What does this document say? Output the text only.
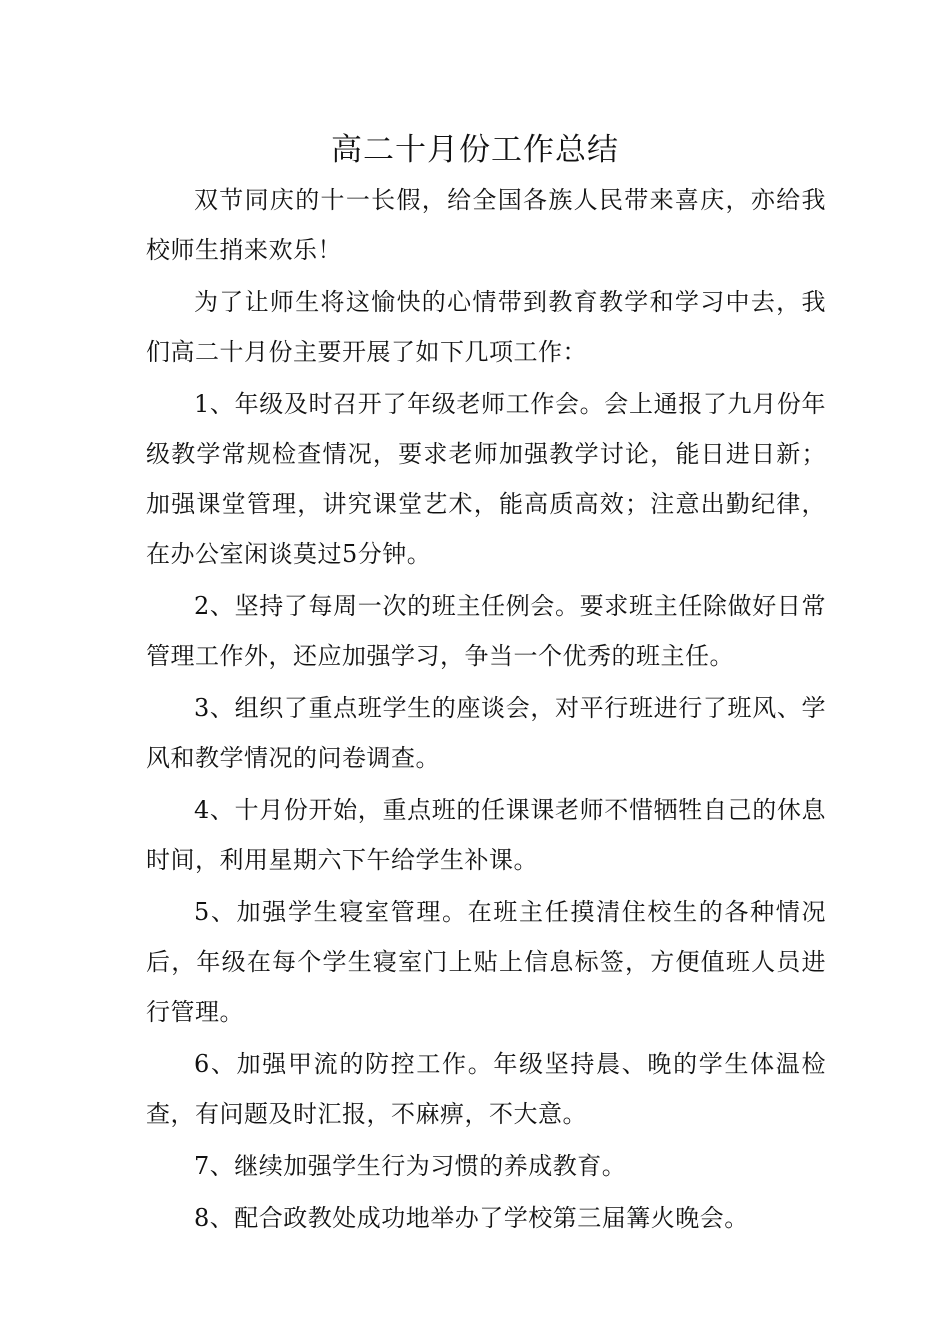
高二十月份工作总结

双节同庆的十一长假，给全国各族人民带来喜庆，亦给我校师生捎来欢乐！

为了让师生将这愉快的心情带到教育教学和学习中去，我们高二十月份主要开展了如下几项工作：

1、年级及时召开了年级老师工作会。会上通报了九月份年级教学常规检查情况，要求老师加强教学讨论，能日进日新；加强课堂管理，讲究课堂艺术，能高质高效；注意出勤纪律，在办公室闲谈莫过5分钟。

2、坚持了每周一次的班主任例会。要求班主任除做好日常管理工作外，还应加强学习，争当一个优秀的班主任。

3、组织了重点班学生的座谈会，对平行班进行了班风、学风和教学情况的问卷调查。

4、十月份开始，重点班的任课课老师不惜牺牲自己的休息时间，利用星期六下午给学生补课。

5、加强学生寝室管理。在班主任摸清住校生的各种情况后，年级在每个学生寝室门上贴上信息标签，方便值班人员进行管理。

6、加强甲流的防控工作。年级坚持晨、晚的学生体温检查，有问题及时汇报，不麻痹，不大意。

7、继续加强学生行为习惯的养成教育。

8、配合政教处成功地举办了学校第三届篝火晚会。
